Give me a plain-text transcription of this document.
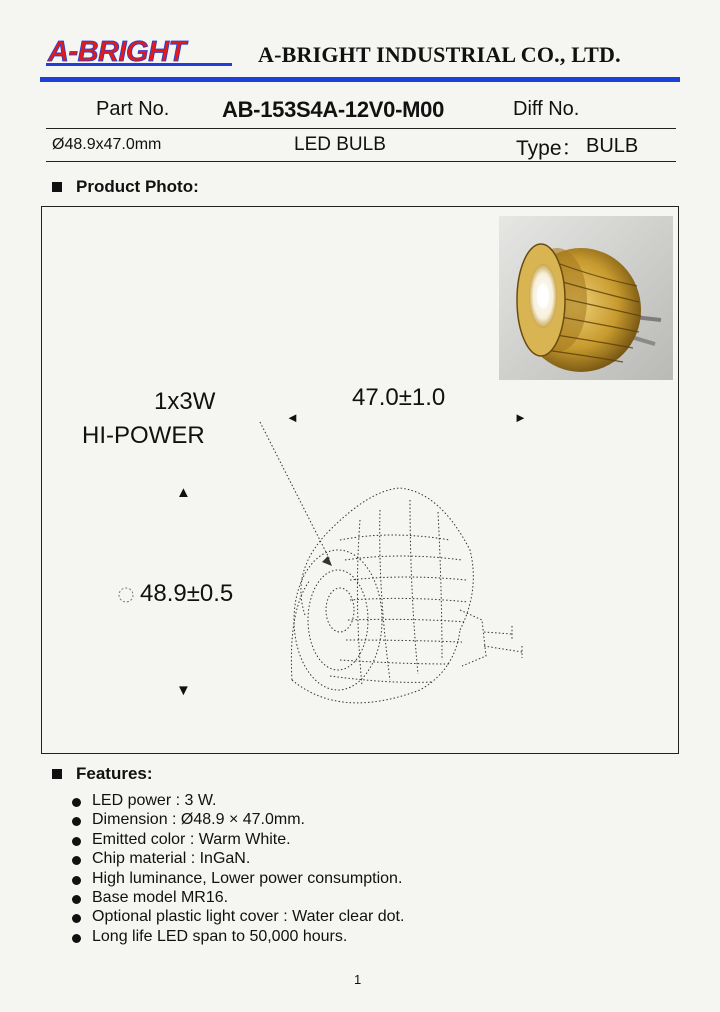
A-BRIGHT	A-BRIGHT INDUSTRIAL CO., LTD.
Part No. AB-153S4A-12V0-M00	Diff No.
Ø48.9x47.0mm	LED BULB	Type： BULB
Product Photo:
1x3W
HI-POWER
47.0±1.0
48.9±0.5
◄	►
▲
▼
Features:
LED power : 3 W.
Dimension : Ø48.9 × 47.0mm.
Emitted color : Warm White.
Chip material : InGaN.
High luminance, Lower power consumption.
Base model MR16.
Optional plastic light cover : Water clear dot.
Long life LED span to 50,000 hours.
1
